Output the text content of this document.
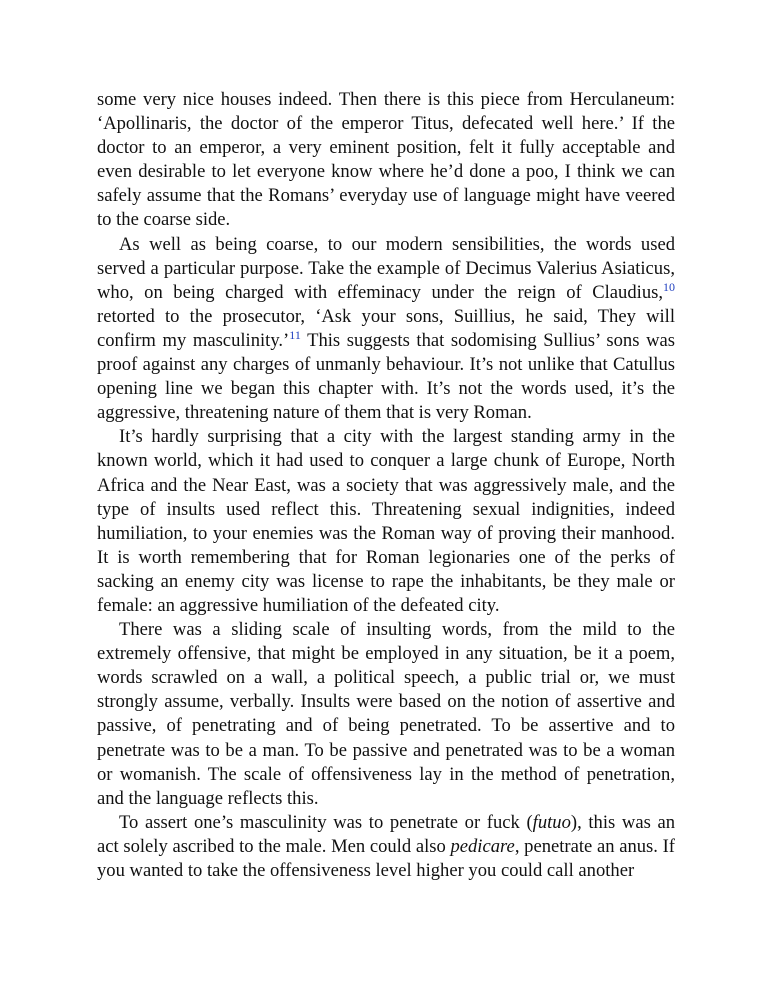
some very nice houses indeed. Then there is this piece from Herculaneum: ‘Apollinaris, the doctor of the emperor Titus, defecated well here.’ If the doctor to an emperor, a very eminent position, felt it fully acceptable and even desirable to let everyone know where he’d done a poo, I think we can safely assume that the Romans’ everyday use of language might have veered to the coarse side.

As well as being coarse, to our modern sensibilities, the words used served a particular purpose. Take the example of Decimus Valerius Asiaticus, who, on being charged with effeminacy under the reign of Claudius,$^{10}$ retorted to the prosecutor, ‘Ask your sons, Suillius, he said, They will confirm my masculinity.’$^{11}$ This suggests that sodomising Sullius’ sons was proof against any charges of unmanly behaviour. It’s not unlike that Catullus opening line we began this chapter with. It’s not the words used, it’s the aggressive, threatening nature of them that is very Roman.

It’s hardly surprising that a city with the largest standing army in the known world, which it had used to conquer a large chunk of Europe, North Africa and the Near East, was a society that was aggressively male, and the type of insults used reflect this. Threatening sexual indignities, indeed humiliation, to your enemies was the Roman way of proving their manhood. It is worth remembering that for Roman legionaries one of the perks of sacking an enemy city was license to rape the inhabitants, be they male or female: an aggressive humiliation of the defeated city.

There was a sliding scale of insulting words, from the mild to the extremely offensive, that might be employed in any situation, be it a poem, words scrawled on a wall, a political speech, a public trial or, we must strongly assume, verbally. Insults were based on the notion of assertive and passive, of penetrating and of being penetrated. To be assertive and to penetrate was to be a man. To be passive and penetrated was to be a woman or womanish. The scale of offensiveness lay in the method of penetration, and the language reflects this.

To assert one’s masculinity was to penetrate or fuck (futuo), this was an act solely ascribed to the male. Men could also pedicare, penetrate an anus. If you wanted to take the offensiveness level higher you could call another
